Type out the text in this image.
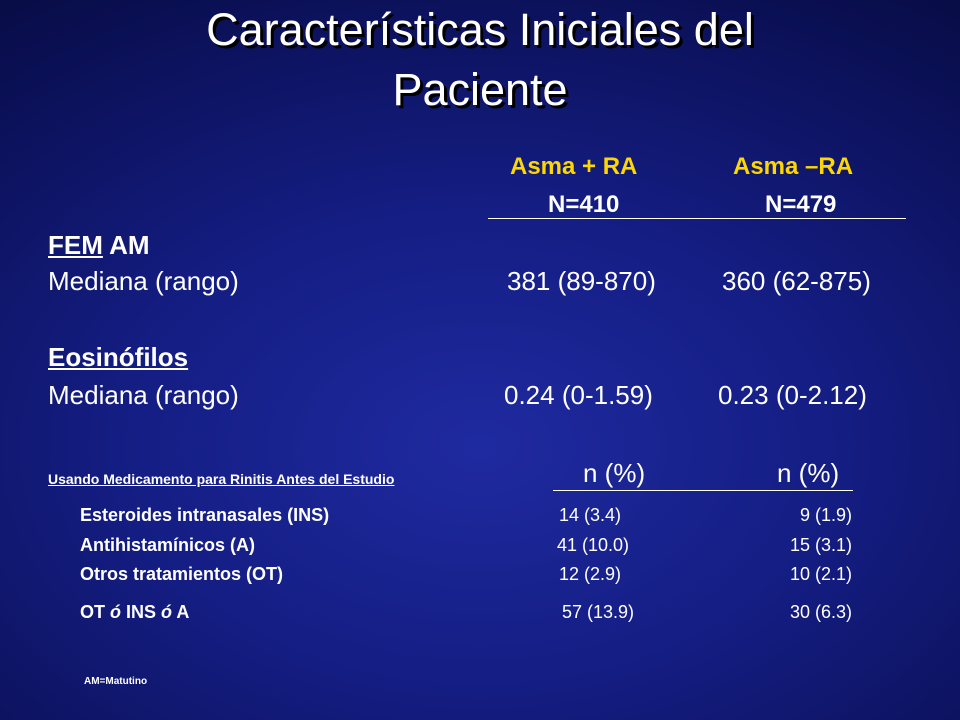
Características Iniciales del
Paciente
Asma + RA	Asma –RA
N=410	N=479
FEM AM
Mediana (rango)	381 (89-870)	360 (62-875)
Eosinófilos
Mediana (rango)	0.24 (0-1.59)	0.23 (0-2.12)
Usando Medicamento para Rinitis Antes del Estudio	n (%)	n (%)
Esteroides intranasales (INS)	14 (3.4)	9 (1.9)
Antihistamínicos (A)	41 (10.0)	15 (3.1)
Otros tratamientos (OT)	12 (2.9)	10 (2.1)
OT ó INS ó A	57 (13.9)	30 (6.3)
AM=Matutino
